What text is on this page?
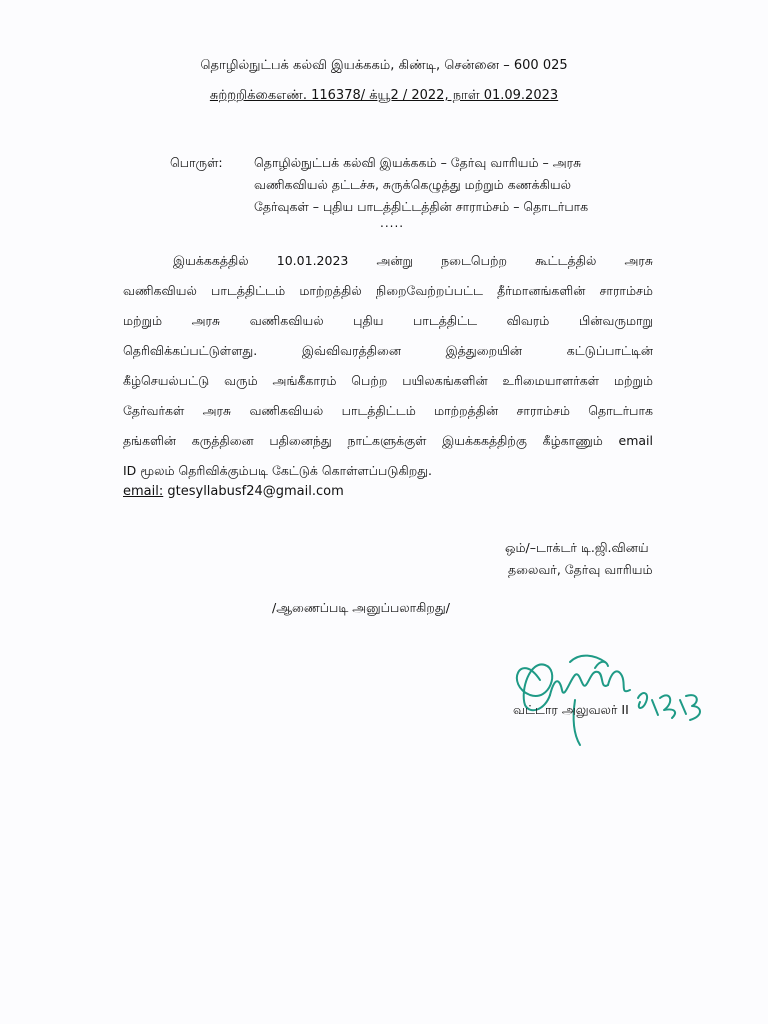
தொழில்நுட்பக் கல்வி இயக்ககம், கிண்டி, சென்னை – 600 025
சுற்றறிக்கைஎண். 116378/ க்யூ2 / 2022, நாள் 01.09.2023
பொருள்:	தொழில்நுட்பக் கல்வி இயக்ககம் – தேர்வு வாரியம் – அரசு
வணிகவியல் தட்டச்சு, சுருக்கெழுத்து மற்றும் கணக்கியல்
தேர்வுகள் – புதிய பாடத்திட்டத்தின் சாராம்சம் – தொடர்பாக
.....
இயக்ககத்தில் 10.01.2023 அன்று நடைபெற்ற கூட்டத்தில் அரசு
வணிகவியல் பாடத்திட்டம் மாற்றத்தில் நிறைவேற்றப்பட்ட தீர்மானங்களின் சாராம்சம்
மற்றும் அரசு வணிகவியல் புதிய பாடத்திட்ட விவரம் பின்வருமாறு
தெரிவிக்கப்பட்டுள்ளது. இவ்விவரத்தினை இத்துறையின் கட்டுப்பாட்டின்
கீழ்செயல்பட்டு வரும் அங்கீகாரம் பெற்ற பயிலகங்களின் உரிமையாளர்கள் மற்றும்
தேர்வர்கள் அரசு வணிகவியல் பாடத்திட்டம் மாற்றத்தின் சாராம்சம் தொடர்பாக
தங்களின் கருத்தினை பதினைந்து நாட்களுக்குள் இயக்ககத்திற்கு கீழ்காணும் email
ID மூலம் தெரிவிக்கும்படி கேட்டுக் கொள்ளப்படுகிறது.
email: gtesyllabusf24@gmail.com
ஒம்/–டாக்டர் டி.ஜி.வினய்
தலைவர், தேர்வு வாரியம்
/ஆணைப்படி அனுப்பலாகிறது/
வட்டார அலுவலர் II
